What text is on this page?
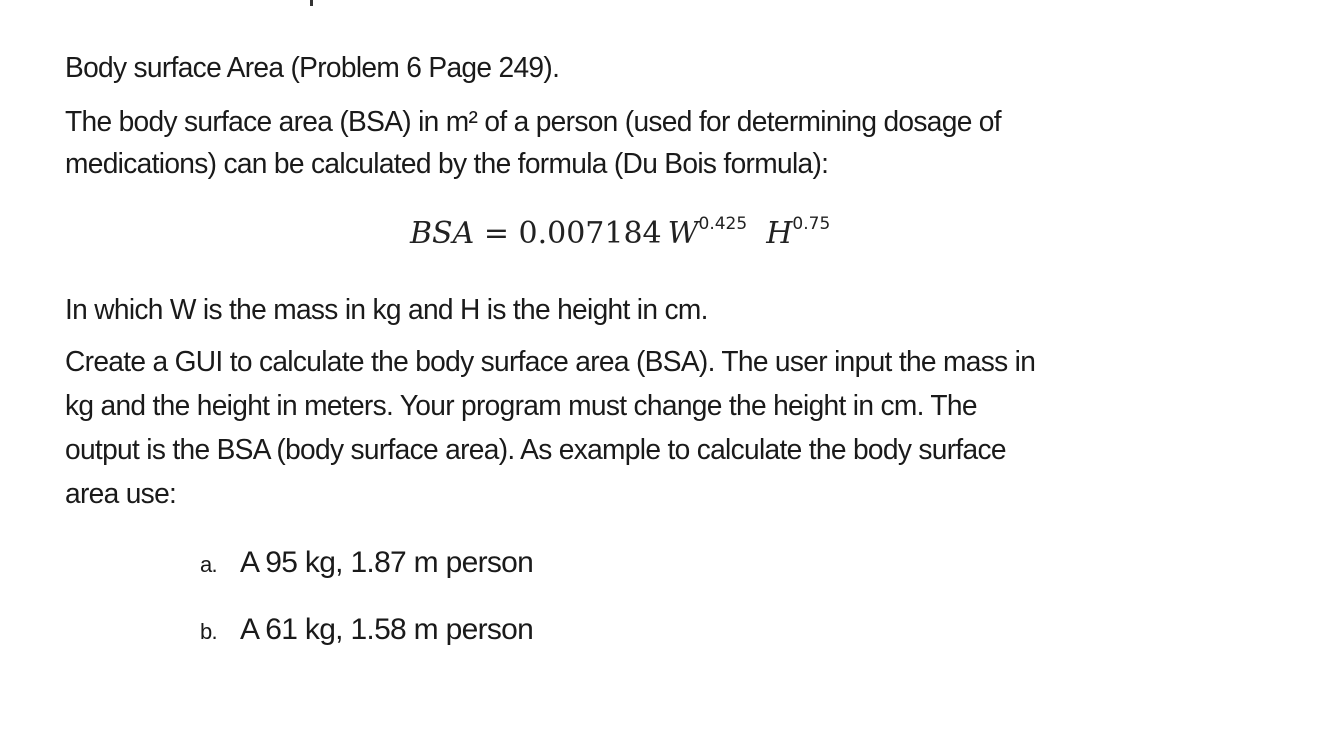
Body surface Area (Problem 6 Page 249).
The body surface area (BSA) in m² of a person (used for determining dosage of
medications) can be calculated by the formula (Du Bois formula):
BSA = 0.007184 $W^{0.425}$ $H^{0.75}$
In which W is the mass in kg and H is the height in cm.
Create a GUI to calculate the body surface area (BSA). The user input the mass in
kg and the height in meters. Your program must change the height in cm. The
output is the BSA (body surface area). As example to calculate the body surface
area use:
a. A 95 kg, 1.87 m person
b. A 61 kg, 1.58 m person
